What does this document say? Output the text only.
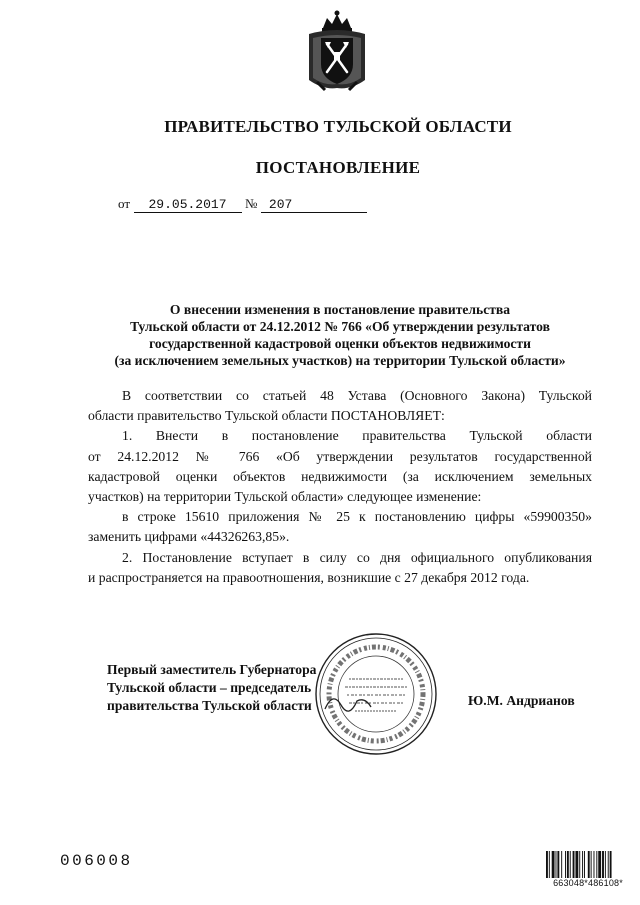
ПРАВИТЕЛЬСТВО ТУЛЬСКОЙ ОБЛАСТИ
ПОСТАНОВЛЕНИЕ
от 29.05.2017 № 207
О внесении изменения в постановление правительства
Тульской области от 24.12.2012 № 766 «Об утверждении результатов
государственной кадастровой оценки объектов недвижимости
(за исключением земельных участков) на территории Тульской области»

В соответствии со статьей 48 Устава (Основного Закона) Тульской

области правительство Тульской области ПОСТАНОВЛЯЕТ:

1. Внести в постановление правительства Тульской области

от 24.12.2012 № 766 «Об утверждении результатов государственной

кадастровой оценки объектов недвижимости (за исключением земельных

участков) на территории Тульской области» следующее изменение:

в строке 15610 приложения № 25 к постановлению цифры «59900350»

заменить цифрами «44326263,85».

2. Постановление вступает в силу со дня официального опубликования

и распространяется на правоотношения, возникшие с 27 декабря 2012 года.

Первый заместитель Губернатора
Тульской области – председатель
правительства Тульской области	Ю.М. Андрианов
006008
663048*486108*
